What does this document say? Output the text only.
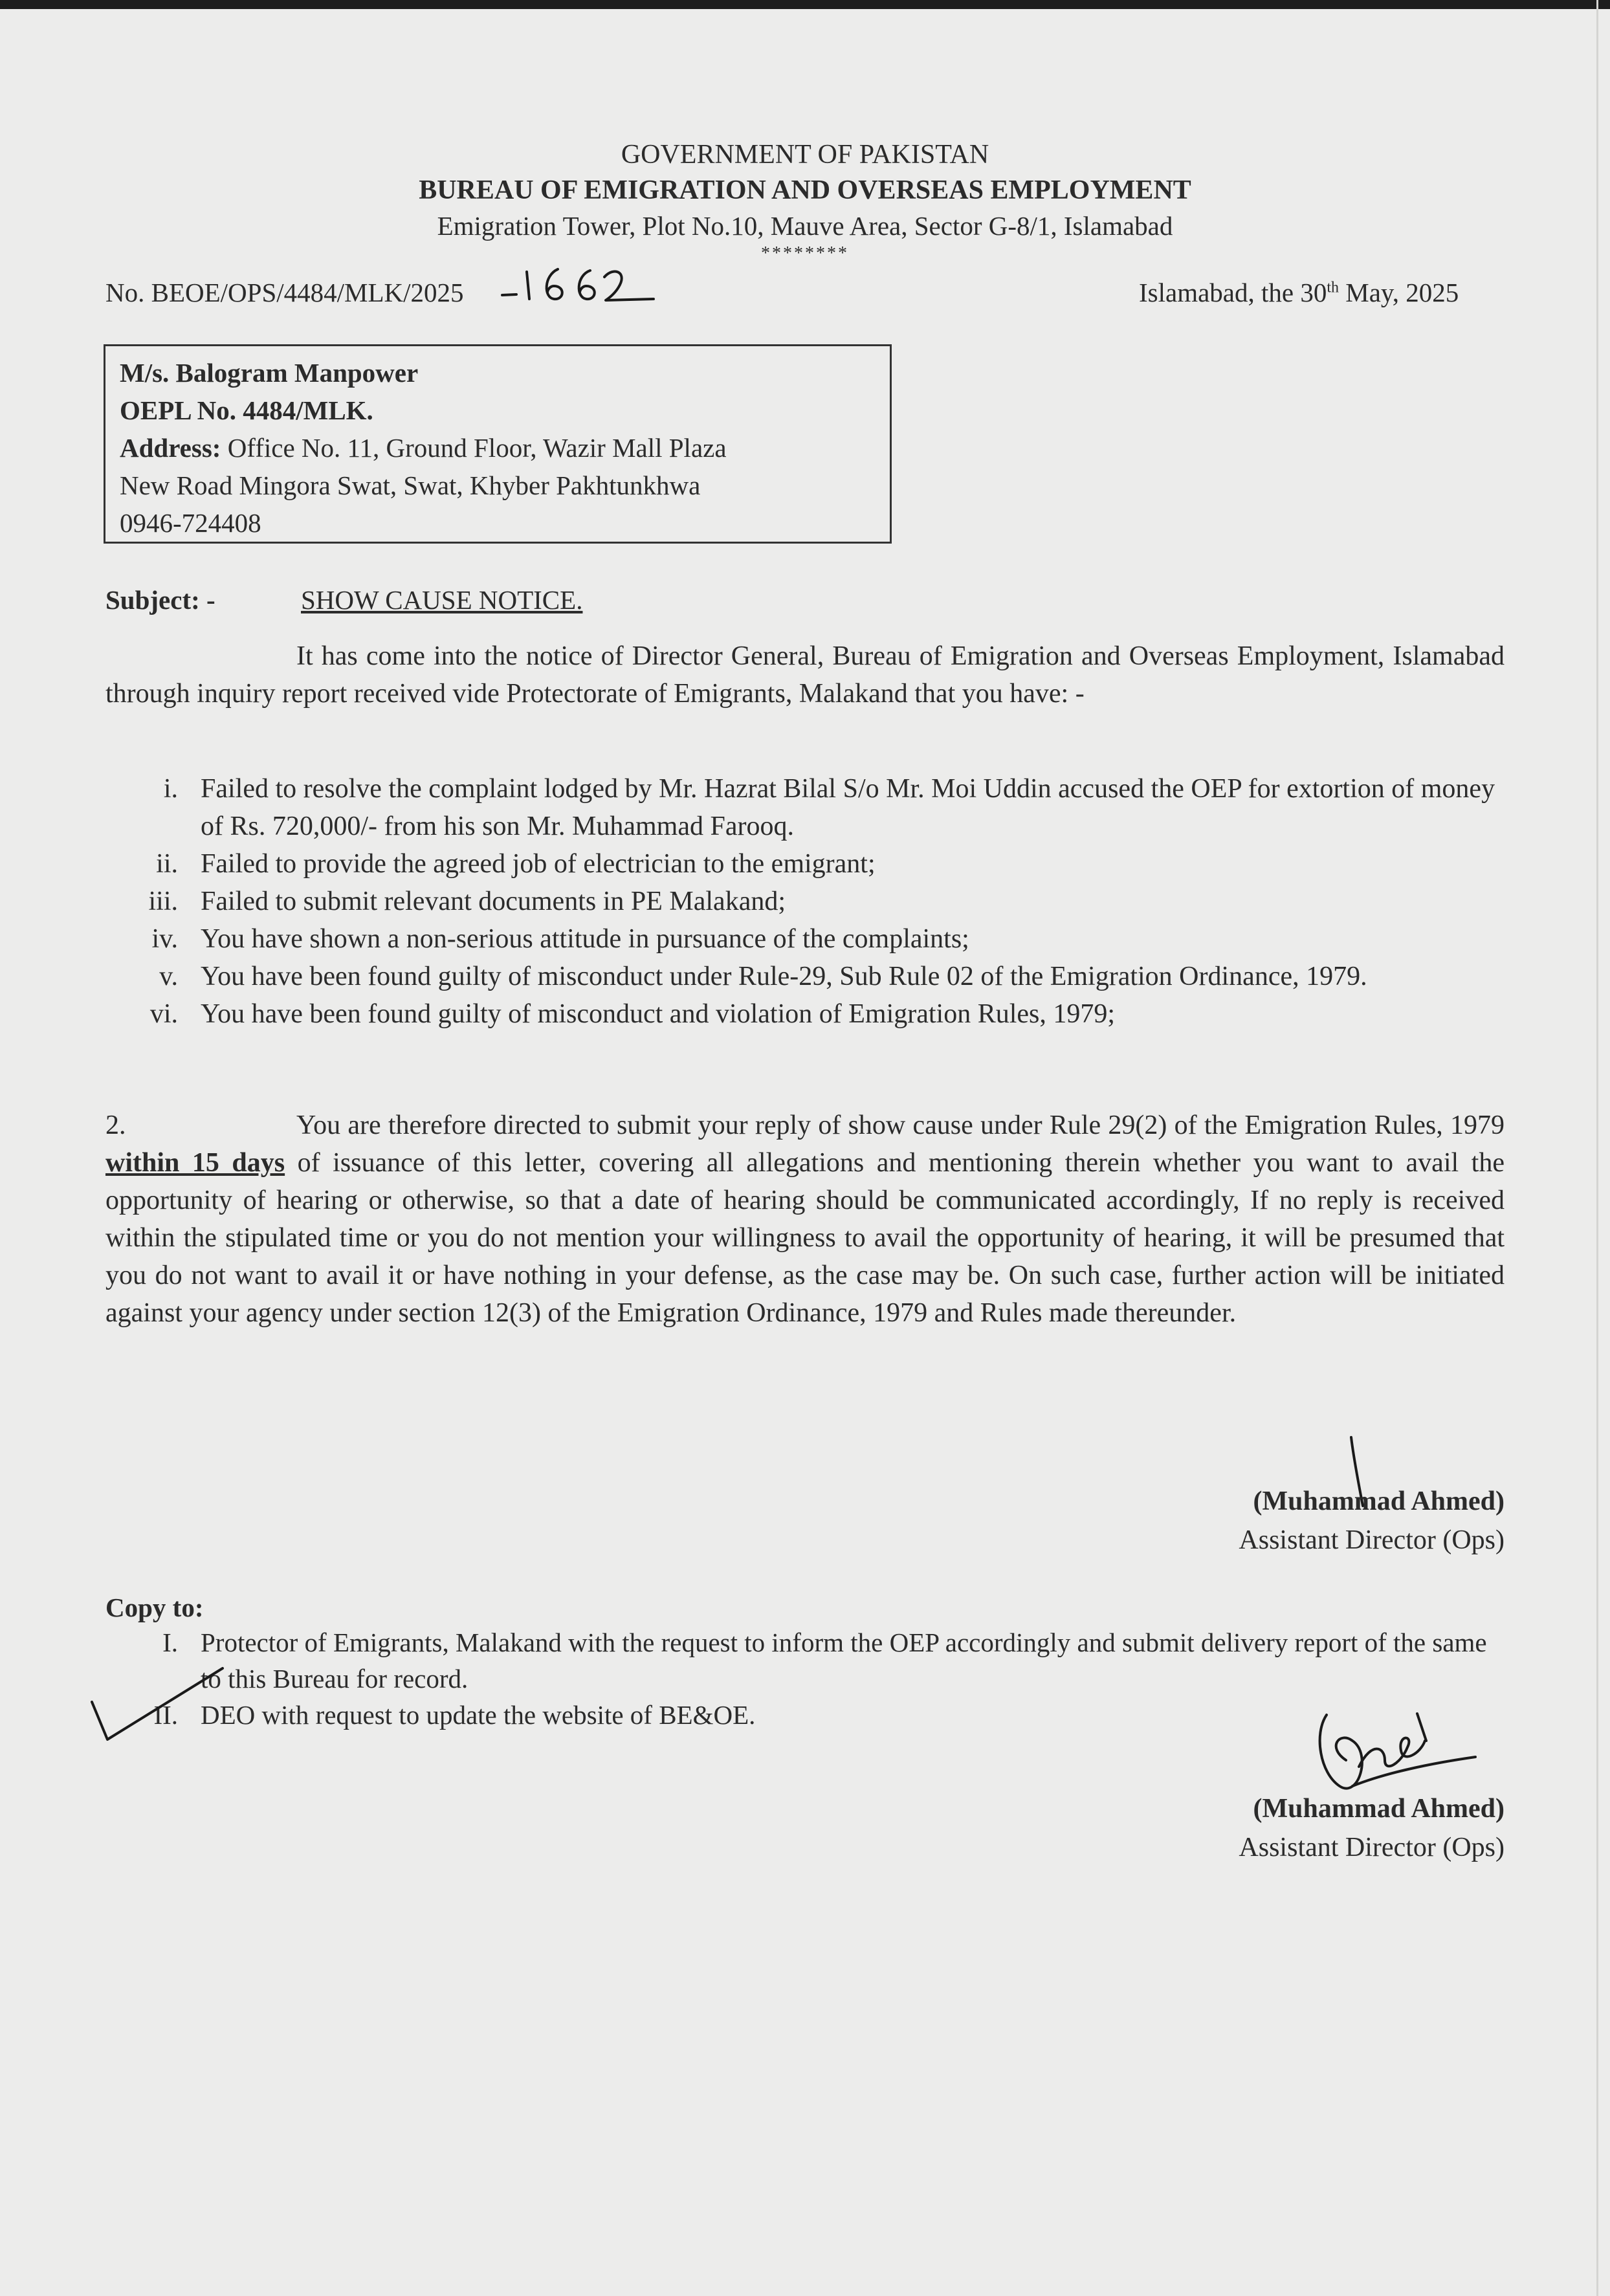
GOVERNMENT OF PAKISTAN
BUREAU OF EMIGRATION AND OVERSEAS EMPLOYMENT
Emigration Tower, Plot No.10, Mauve Area, Sector G-8/1, Islamabad
********
No. BEOE/OPS/4484/MLK/2025	Islamabad, the 30th May, 2025
M/s. Balogram Manpower
OEPL No. 4484/MLK.
Address: Office No. 11, Ground Floor, Wazir Mall Plaza
New Road Mingora Swat, Swat, Khyber Pakhtunkhwa
0946-724408
Subject: -	SHOW CAUSE NOTICE.
It has come into the notice of Director General, Bureau of Emigration and Overseas Employment, Islamabad through inquiry report received vide Protectorate of Emigrants, Malakand that you have: -
i. Failed to resolve the complaint lodged by Mr. Hazrat Bilal S/o Mr. Moi Uddin accused the OEP for extortion of money of Rs. 720,000/- from his son Mr. Muhammad Farooq.
ii. Failed to provide the agreed job of electrician to the emigrant;
iii. Failed to submit relevant documents in PE Malakand;
iv. You have shown a non-serious attitude in pursuance of the complaints;
v. You have been found guilty of misconduct under Rule-29, Sub Rule 02 of the Emigration Ordinance, 1979.
vi. You have been found guilty of misconduct and violation of Emigration Rules, 1979;
2.	You are therefore directed to submit your reply of show cause under Rule 29(2) of the Emigration Rules, 1979 within 15 days of issuance of this letter, covering all allegations and mentioning therein whether you want to avail the opportunity of hearing or otherwise, so that a date of hearing should be communicated accordingly, If no reply is received within the stipulated time or you do not mention your willingness to avail the opportunity of hearing, it will be presumed that you do not want to avail it or have nothing in your defense, as the case may be. On such case, further action will be initiated against your agency under section 12(3) of the Emigration Ordinance, 1979 and Rules made thereunder.
(Muhammad Ahmed)
Assistant Director (Ops)
Copy to:
I. Protector of Emigrants, Malakand with the request to inform the OEP accordingly and submit delivery report of the same to this Bureau for record.
II. DEO with request to update the website of BE&OE.
(Muhammad Ahmed)
Assistant Director (Ops)
